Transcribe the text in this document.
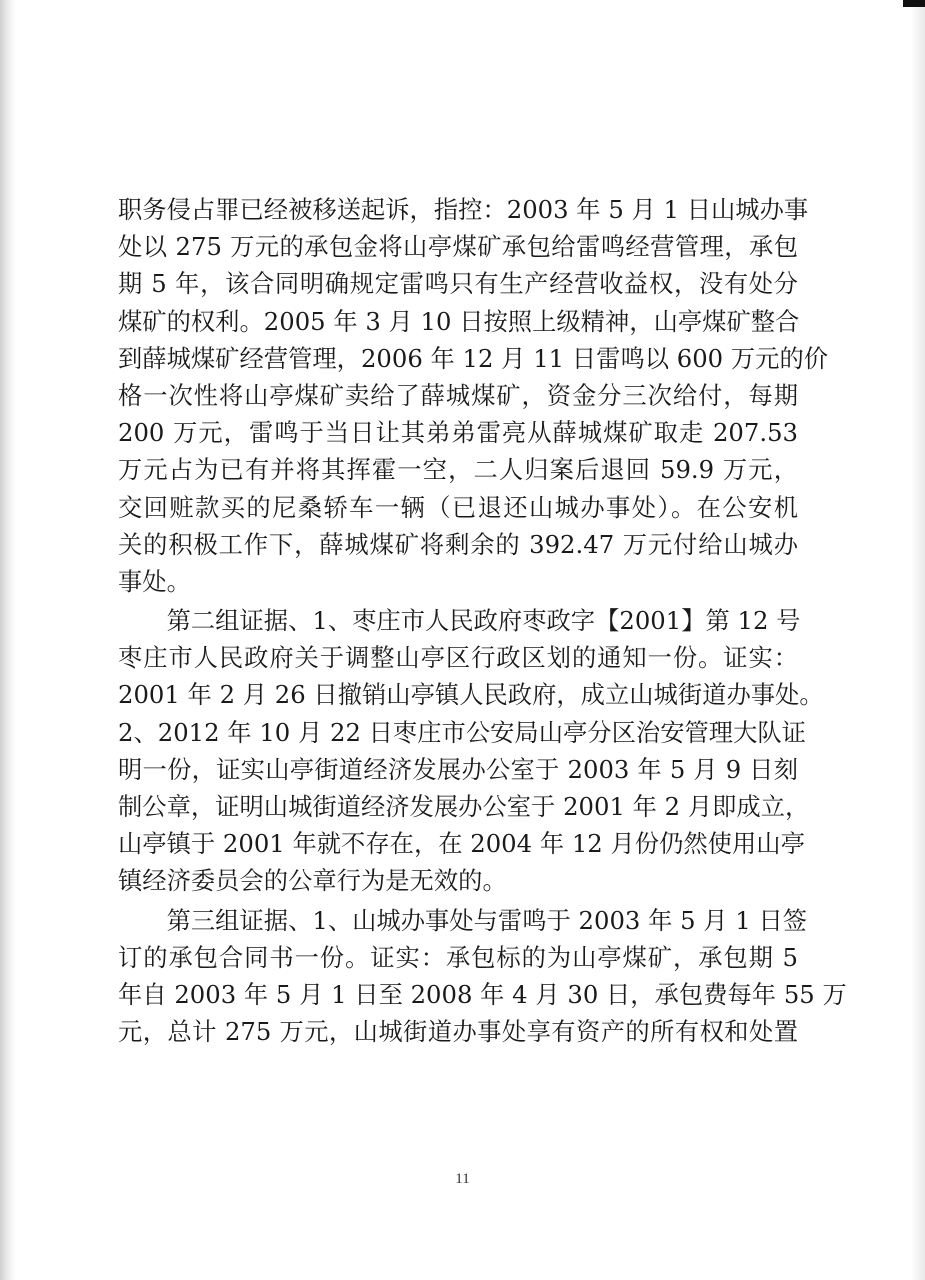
职务侵占罪已经被移送起诉，指控：2003 年 5 月 1 日山城办事
处以 275 万元的承包金将山亭煤矿承包给雷鸣经营管理，承包
期 5 年，该合同明确规定雷鸣只有生产经营收益权，没有处分
煤矿的权利。2005 年 3 月 10 日按照上级精神，山亭煤矿整合
到薛城煤矿经营管理，2006 年 12 月 11 日雷鸣以 600 万元的价
格一次性将山亭煤矿卖给了薛城煤矿，资金分三次给付，每期
200 万元，雷鸣于当日让其弟弟雷亮从薛城煤矿取走 207.53
万元占为已有并将其挥霍一空，二人归案后退回 59.9 万元，
交回赃款买的尼桑轿车一辆（已退还山城办事处）。在公安机
关的积极工作下，薛城煤矿将剩余的 392.47 万元付给山城办
事处。
　　第二组证据、1、枣庄市人民政府枣政字【2001】第 12 号
枣庄市人民政府关于调整山亭区行政区划的通知一份。证实：
2001 年 2 月 26 日撤销山亭镇人民政府，成立山城街道办事处。
2、2012 年 10 月 22 日枣庄市公安局山亭分区治安管理大队证
明一份，证实山亭街道经济发展办公室于 2003 年 5 月 9 日刻
制公章，证明山城街道经济发展办公室于 2001 年 2 月即成立，
山亭镇于 2001 年就不存在，在 2004 年 12 月份仍然使用山亭
镇经济委员会的公章行为是无效的。
　　第三组证据、1、山城办事处与雷鸣于 2003 年 5 月 1 日签
订的承包合同书一份。证实：承包标的为山亭煤矿，承包期 5
年自 2003 年 5 月 1 日至 2008 年 4 月 30 日，承包费每年 55 万
元，总计 275 万元，山城街道办事处享有资产的所有权和处置
11
